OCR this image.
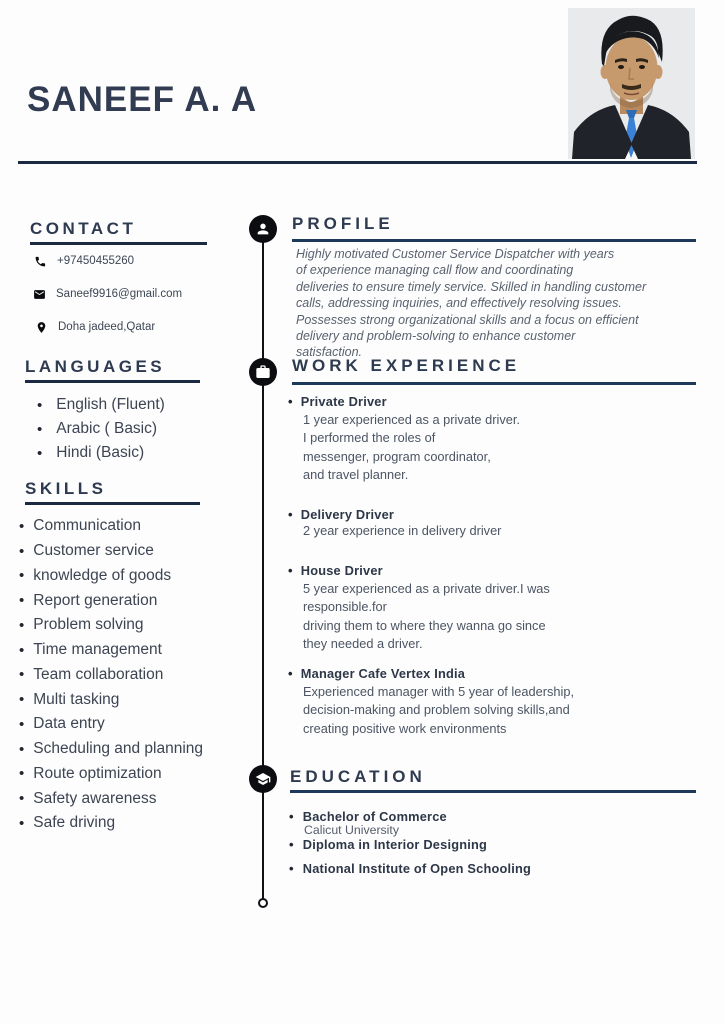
SANEEF A. A
CONTACT
+97450455260
Saneef9916@gmail.com
Doha jadeed,Qatar
LANGUAGES
• English (Fluent)
• Arabic ( Basic)
• Hindi (Basic)
SKILLS
• Communication
• Customer service
• knowledge of goods
• Report generation
• Problem solving
• Time management
• Team collaboration
• Multi tasking
• Data entry
• Scheduling and planning
• Route optimization
• Safety awareness
• Safe driving
PROFILE
Highly motivated Customer Service Dispatcher with years
of experience managing call flow and coordinating
deliveries to ensure timely service. Skilled in handling customer
calls, addressing inquiries, and effectively resolving issues.
Possesses strong organizational skills and a focus on efficient
delivery and problem-solving to enhance customer
satisfaction.
WORK EXPERIENCE
• Private Driver
1 year experienced as a private driver.
I performed the roles of
messenger, program coordinator,
and travel planner.
• Delivery Driver
2 year experience in delivery driver
• House Driver
5 year experienced as a private driver.I was
responsible.for
driving them to where they wanna go since
they needed a driver.
• Manager Cafe Vertex India
Experienced manager with 5 year of leadership,
decision-making and problem solving skills,and
creating positive work environments
EDUCATION
• Bachelor of Commerce
Calicut University
• Diploma in Interior Designing
• National Institute of Open Schooling
